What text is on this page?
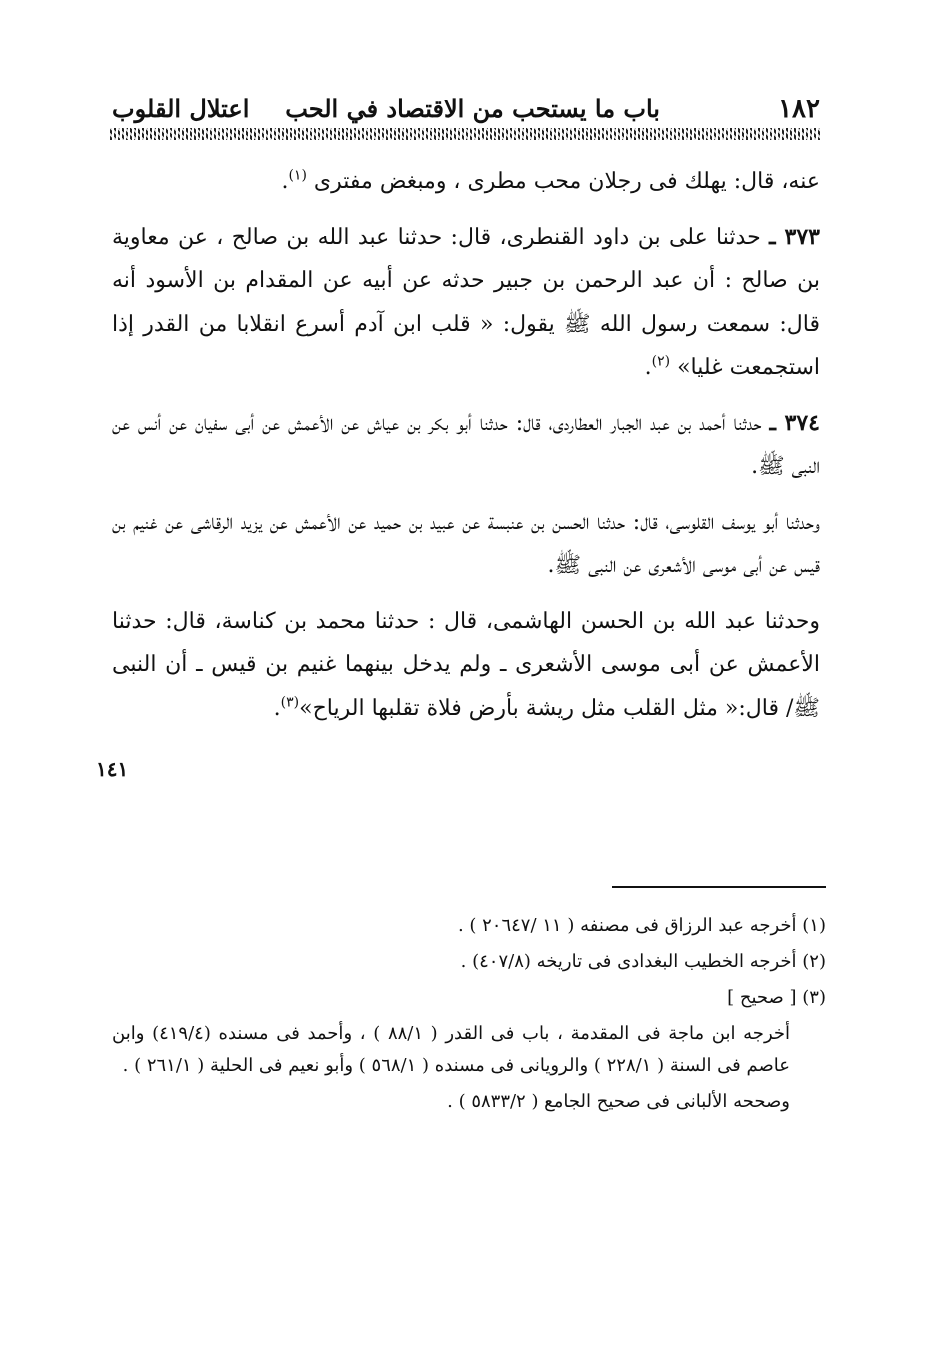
١٨٢
باب ما يستحب من الاقتصاد في الحب
اعتلال القلوب

عنه، قال: يهلك فى رجلان محب مطرى ، ومبغض مفترى $^{(١)}$.

٣٧٣ ـ حدثنا على بن داود القنطرى، قال: حدثنا عبد الله بن صالح ، عن معاوية بن صالح : أن عبد الرحمن بن جبير حدثه عن أبيه عن المقدام بن الأسود أنه قال: سمعت رسول الله ﷺ يقول: « قلب ابن آدم أسرع انقلابا من القدر إذا استجمعت غليا» $^{(٢)}$.

٣٧٤ ـ حدثنا أحمد بن عبد الجبار العطاردى، قال: حدثنا أبو بكر بن عياش عن الأعمش عن أبى سفيان عن أنس عن النبى ﷺ.

وحدثنا أبو يوسف القلوسى، قال: حدثنا الحسن بن عنبسة عن عبيد بن حميد عن الأعمش عن يزيد الرقاشى عن غنيم بن قيس عن أبى موسى الأشعرى عن النبى ﷺ.

وحدثنا عبد الله بن الحسن الهاشمى، قال : حدثنا محمد بن كناسة، قال: حدثنا الأعمش عن أبى موسى الأشعرى ـ ولم يدخل بينهما غنيم بن قيس ـ أن النبى ﷺ/ قال:« مثل القلب مثل ريشة بأرض فلاة تقلبها الرياح»$^{(٣)}$.

١٤١

(١) أخرجه عبد الرزاق فى مصنفه ( ١١ /٢٠٦٤٧ ) .

(٢) أخرجه الخطيب البغدادى فى تاريخه (٤٠٧/٨) .

(٣) [ صحيح ]

أخرجه ابن ماجة فى المقدمة ، باب فى القدر ( ٨٨/١ ) ، وأحمد فى مسنده (٤١٩/٤) وابن عاصم فى السنة ( ٢٢٨/١ ) والرويانى فى مسنده ( ٥٦٨/١ ) وأبو نعيم فى الحلية ( ٢٦١/١ ) .

وصححه الألبانى فى صحيح الجامع ( ٥٨٣٣/٢ ) .
